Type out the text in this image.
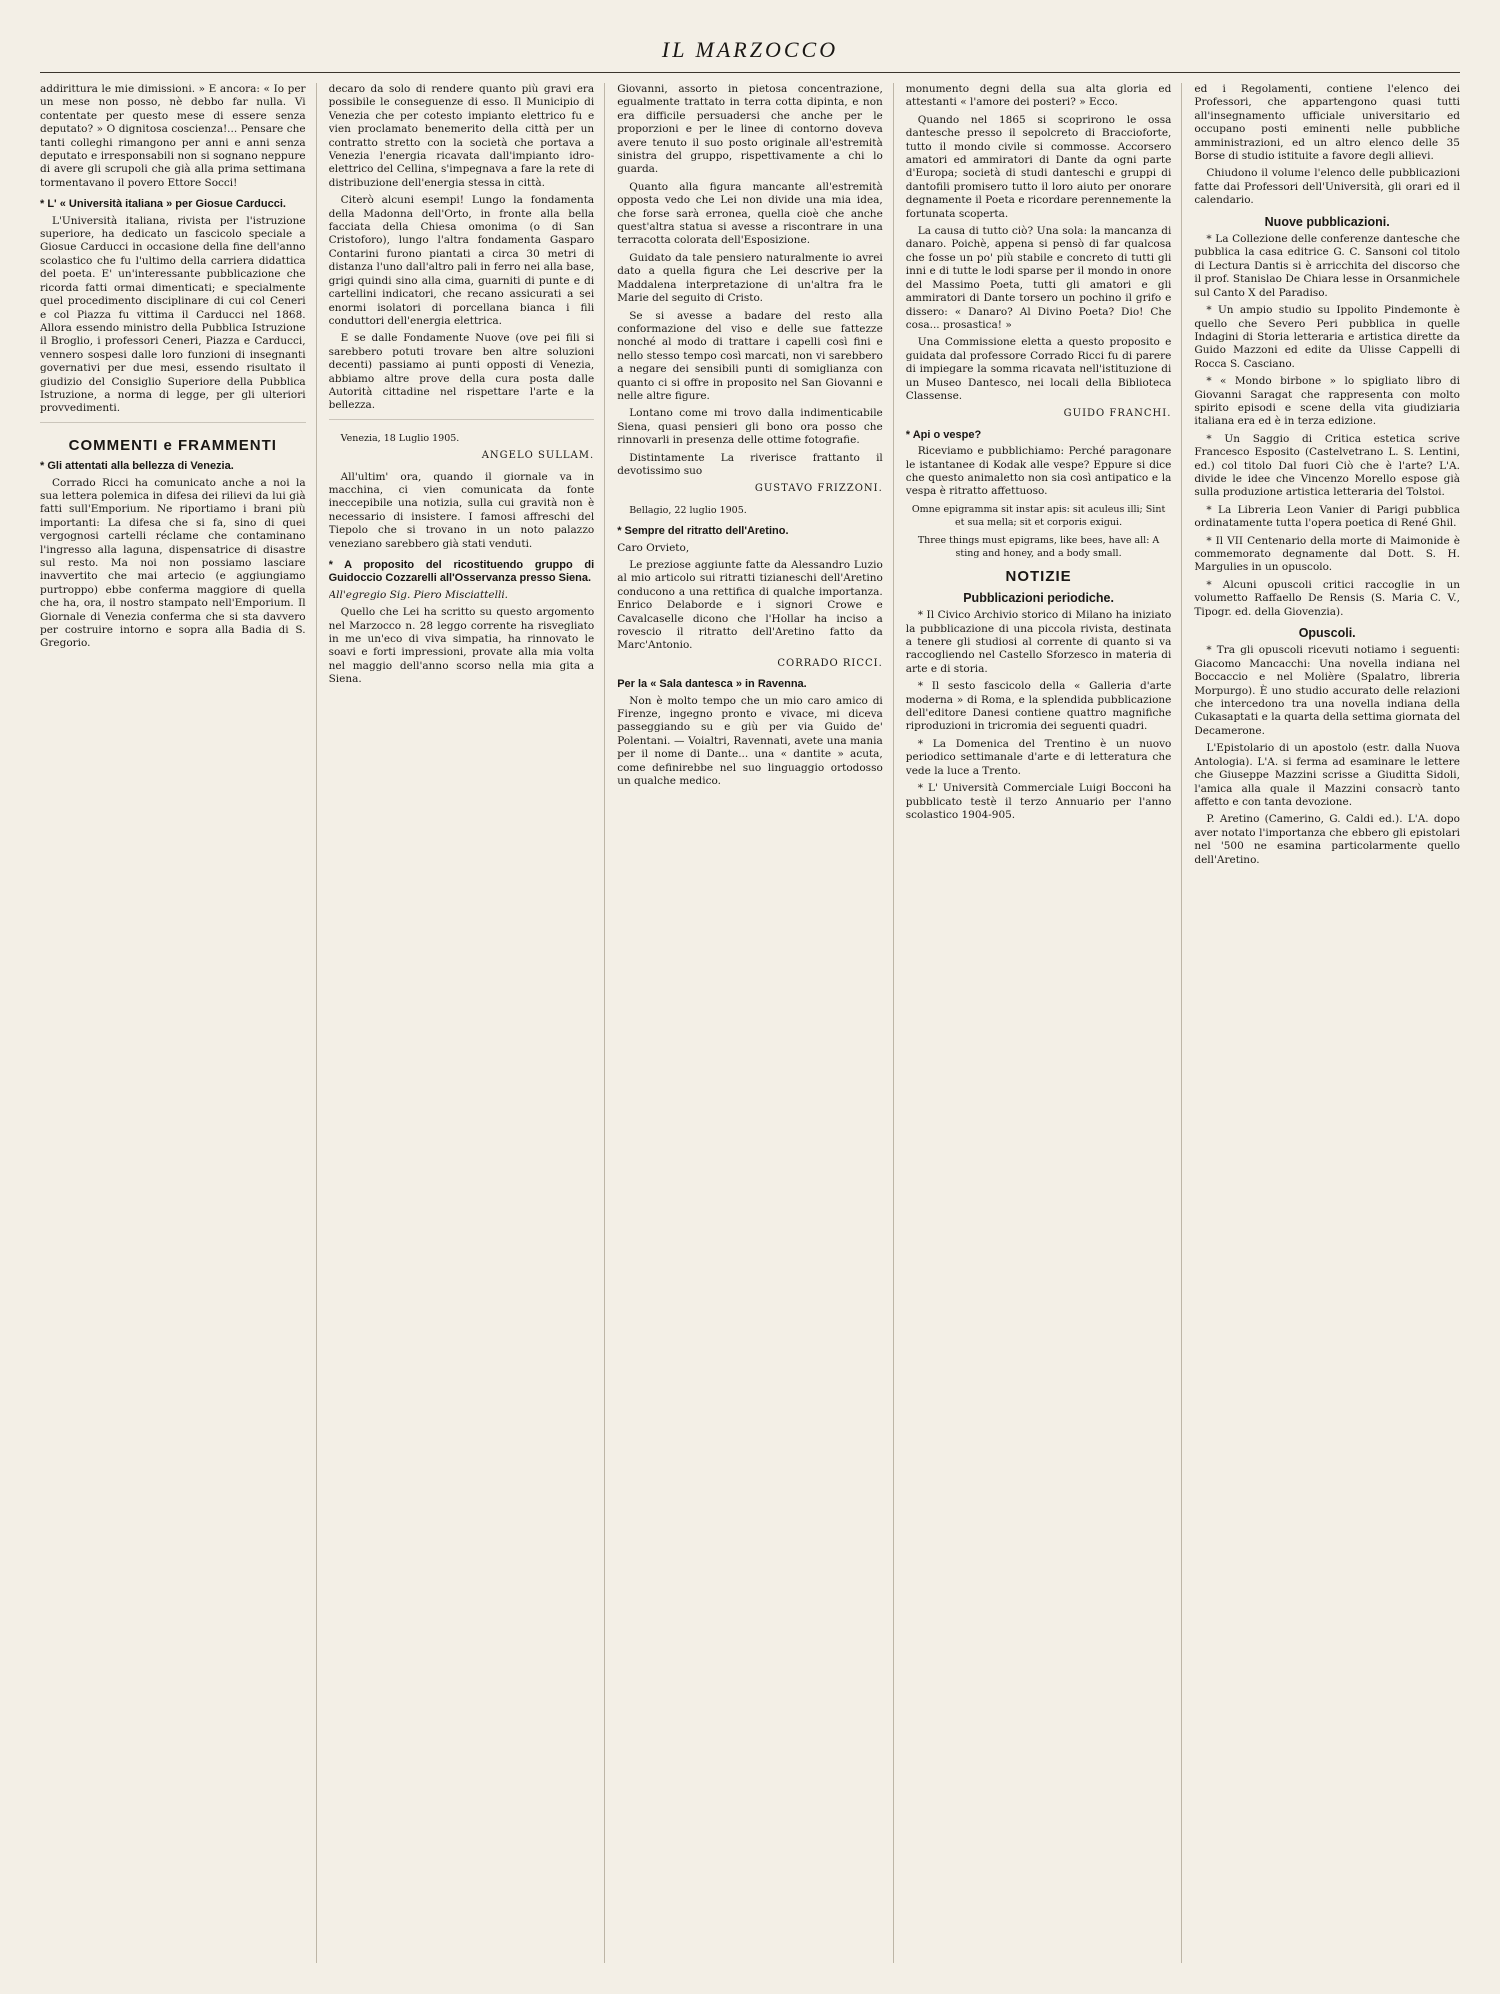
IL MARZOCCO

addirittura le mie dimissioni. » E ancora: « Io per un mese non posso, nè debbo far nulla. Vi contentate per questo mese di essere senza deputato? » O dignitosa coscienza!... Pensare che tanti colleghi rimangono per anni e anni senza deputato e irresponsabili non si sognano neppure di avere gli scrupoli che già alla prima settimana tormentavano il povero Ettore Socci!

* L' « Università italiana » per Giosue Carducci.

L'Università italiana, rivista per l'istruzione superiore, ha dedicato un fascicolo speciale a Giosue Carducci in occasione della fine dell'anno scolastico che fu l'ultimo della carriera didattica del poeta. E' un'interessante pubblicazione che ricorda fatti ormai dimenticati; e specialmente quel procedimento disciplinare di cui col Ceneri e col Piazza fu vittima il Carducci nel 1868. Allora essendo ministro della Pubblica Istruzione il Broglio, i professori Ceneri, Piazza e Carducci, vennero sospesi dalle loro funzioni di insegnanti governativi per due mesi, essendo risultato il giudizio del Consiglio Superiore della Pubblica Istruzione, a norma di legge, per gli ulteriori provvedimenti.

COMMENTI e FRAMMENTI
* Gli attentati alla bellezza di Venezia.

Corrado Ricci ha comunicato anche a noi la sua lettera polemica in difesa dei rilievi da lui già fatti sull'Emporium. Ne riportiamo i brani più importanti: La difesa che si fa, sino di quei vergognosi cartelli réclame che contaminano l'ingresso alla laguna, dispensatrice di disastre sul resto. Ma noi non possiamo lasciare inavvertito che mai artecio (e aggiungiamo purtroppo) ebbe conferma maggiore di quella che ha, ora, il nostro stampato nell'Emporium. Il Giornale di Venezia conferma che si sta davvero per costruire intorno e sopra alla Badia di S. Gregorio.

decaro da solo di rendere quanto più gravi era possibile le conseguenze di esso. Il Municipio di Venezia che per cotesto impianto elettrico fu e vien proclamato benemerito della città per un contratto stretto con la società che portava a Venezia l'energia ricavata dall'impianto idro-elettrico del Cellina, s'impegnava a fare la rete di distribuzione dell'energia stessa in città.

Citerò alcuni esempi! Lungo la fondamenta della Madonna dell'Orto, in fronte alla bella facciata della Chiesa omonima (o di San Cristoforo), lungo l'altra fondamenta Gasparo Contarini furono piantati a circa 30 metri di distanza l'uno dall'altro pali in ferro nei alla base, grigi quindi sino alla cima, guarniti di punte e di cartellini indicatori, che recano assicurati a sei enormi isolatori di porcellana bianca i fili conduttori dell'energia elettrica.

E se dalle Fondamente Nuove (ove pei fili si sarebbero potuti trovare ben altre soluzioni decenti) passiamo ai punti opposti di Venezia, abbiamo altre prove della cura posta dalle Autorità cittadine nel rispettare l'arte e la bellezza.

Venezia, 18 Luglio 1905.
ANGELO SULLAM.

All'ultim' ora, quando il giornale va in macchina, ci vien comunicata da fonte ineccepibile una notizia, sulla cui gravità non è necessario di insistere. I famosi affreschi del Tiepolo che si trovano in un noto palazzo veneziano sarebbero già stati venduti.

* A proposito del ricostituendo gruppo di Guidoccio Cozzarelli all'Osservanza presso Siena.

All'egregio Sig. Piero Misciattelli.

Quello che Lei ha scritto su questo argomento nel Marzocco n. 28 leggo corrente ha risvegliato in me un'eco di viva simpatia, ha rinnovato le soavi e forti impressioni, provate alla mia volta nel maggio dell'anno scorso nella mia gita a Siena.

Giovanni, assorto in pietosa concentrazione, egualmente trattato in terra cotta dipinta, e non era difficile persuadersi che anche per le proporzioni e per le linee di contorno doveva avere tenuto il suo posto originale all'estremità sinistra del gruppo, rispettivamente a chi lo guarda.

Quanto alla figura mancante all'estremità opposta vedo che Lei non divide una mia idea, che forse sarà erronea, quella cioè che anche quest'altra statua si avesse a riscontrare in una terracotta colorata dell'Esposizione.

Guidato da tale pensiero naturalmente io avrei dato a quella figura che Lei descrive per la Maddalena interpretazione di un'altra fra le Marie del seguito di Cristo.

Se si avesse a badare del resto alla conformazione del viso e delle sue fattezze nonché al modo di trattare i capelli così fini e nello stesso tempo così marcati, non vi sarebbero a negare dei sensibili punti di somiglianza con quanto ci si offre in proposito nel San Giovanni e nelle altre figure.

Lontano come mi trovo dalla indimenticabile Siena, quasi pensieri gli bono ora posso che rinnovarli in presenza delle ottime fotografie.

Distintamente La riverisce frattanto il devotissimo suo

GUSTAVO FRIZZONI.
Bellagio, 22 luglio 1905.
* Sempre del ritratto dell'Aretino.

Caro Orvieto,

Le preziose aggiunte fatte da Alessandro Luzio al mio articolo sui ritratti tizianeschi dell'Aretino conducono a una rettifica di qualche importanza. Enrico Delaborde e i signori Crowe e Cavalcaselle dicono che l'Hollar ha inciso a rovescio il ritratto dell'Aretino fatto da Marc'Antonio.

CORRADO RICCI.
Per la « Sala dantesca » in Ravenna.

Non è molto tempo che un mio caro amico di Firenze, ingegno pronto e vivace, mi diceva passeggiando su e giù per via Guido de' Polentani. — Voialtri, Ravennati, avete una mania per il nome di Dante... una « dantite » acuta, come definirebbe nel suo linguaggio ortodosso un qualche medico.

monumento degni della sua alta gloria ed attestanti « l'amore dei posteri? » Ecco.

Quando nel 1865 si scoprirono le ossa dantesche presso il sepolcreto di Braccioforte, tutto il mondo civile si commosse. Accorsero amatori ed ammiratori di Dante da ogni parte d'Europa; società di studi danteschi e gruppi di dantofili promisero tutto il loro aiuto per onorare degnamente il Poeta e ricordare perennemente la fortunata scoperta.

La causa di tutto ciò? Una sola: la mancanza di danaro. Poichè, appena si pensò di far qualcosa che fosse un po' più stabile e concreto di tutti gli inni e di tutte le lodi sparse per il mondo in onore del Massimo Poeta, tutti gli amatori e gli ammiratori di Dante torsero un pochino il grifo e dissero: « Danaro? Al Divino Poeta? Dio! Che cosa... prosastica! »

Una Commissione eletta a questo proposito e guidata dal professore Corrado Ricci fu di parere di impiegare la somma ricavata nell'istituzione di un Museo Dantesco, nei locali della Biblioteca Classense.

GUIDO FRANCHI.
* Api o vespe?

Riceviamo e pubblichiamo: Perché paragonare le istantanee di Kodak alle vespe? Eppure si dice che questo animaletto non sia così antipatico e la vespa è ritratto affettuoso.

Omne epigramma sit instar apis: sit aculeus illi; Sint et sua mella; sit et corporis exigui.
Three things must epigrams, like bees, have all: A sting and honey, and a body small.
NOTIZIE
Pubblicazioni periodiche.

* Il Civico Archivio storico di Milano ha iniziato la pubblicazione di una piccola rivista, destinata a tenere gli studiosi al corrente di quanto si va raccogliendo nel Castello Sforzesco in materia di arte e di storia.

* Il sesto fascicolo della « Galleria d'arte moderna » di Roma, e la splendida pubblicazione dell'editore Danesi contiene quattro magnifiche riproduzioni in tricromia dei seguenti quadri.

* La Domenica del Trentino è un nuovo periodico settimanale d'arte e di letteratura che vede la luce a Trento.

* L' Università Commerciale Luigi Bocconi ha pubblicato testè il terzo Annuario per l'anno scolastico 1904-905.

ed i Regolamenti, contiene l'elenco dei Professori, che appartengono quasi tutti all'insegnamento ufficiale universitario ed occupano posti eminenti nelle pubbliche amministrazioni, ed un altro elenco delle 35 Borse di studio istituite a favore degli allievi.

Chiudono il volume l'elenco delle pubblicazioni fatte dai Professori dell'Università, gli orari ed il calendario.

Nuove pubblicazioni.

* La Collezione delle conferenze dantesche che pubblica la casa editrice G. C. Sansoni col titolo di Lectura Dantis si è arricchita del discorso che il prof. Stanislao De Chiara lesse in Orsanmichele sul Canto X del Paradiso.

* Un ampio studio su Ippolito Pindemonte è quello che Severo Peri pubblica in quelle Indagini di Storia letteraria e artistica dirette da Guido Mazzoni ed edite da Ulisse Cappelli di Rocca S. Casciano.

* « Mondo birbone » lo spigliato libro di Giovanni Saragat che rappresenta con molto spirito episodi e scene della vita giudiziaria italiana era ed è in terza edizione.

* Un Saggio di Critica estetica scrive Francesco Esposito (Castelvetrano L. S. Lentini, ed.) col titolo Dal fuori Ciò che è l'arte? L'A. divide le idee che Vincenzo Morello espose già sulla produzione artistica letteraria del Tolstoi.

* La Libreria Leon Vanier di Parigi pubblica ordinatamente tutta l'opera poetica di René Ghil.

* Il VII Centenario della morte di Maimonide è commemorato degnamente dal Dott. S. H. Margulies in un opuscolo.

* Alcuni opuscoli critici raccoglie in un volumetto Raffaello De Rensis (S. Maria C. V., Tipogr. ed. della Giovenzia).

Opuscoli.

* Tra gli opuscoli ricevuti notiamo i seguenti: Giacomo Mancacchi: Una novella indiana nel Boccaccio e nel Molière (Spalatro, libreria Morpurgo). È uno studio accurato delle relazioni che intercedono tra una novella indiana della Cukasaptati e la quarta della settima giornata del Decamerone.

L'Epistolario di un apostolo (estr. dalla Nuova Antologia). L'A. si ferma ad esaminare le lettere che Giuseppe Mazzini scrisse a Giuditta Sidoli, l'amica alla quale il Mazzini consacrò tanto affetto e con tanta devozione.

P. Aretino (Camerino, G. Caldi ed.). L'A. dopo aver notato l'importanza che ebbero gli epistolari nel '500 ne esamina particolarmente quello dell'Aretino.
